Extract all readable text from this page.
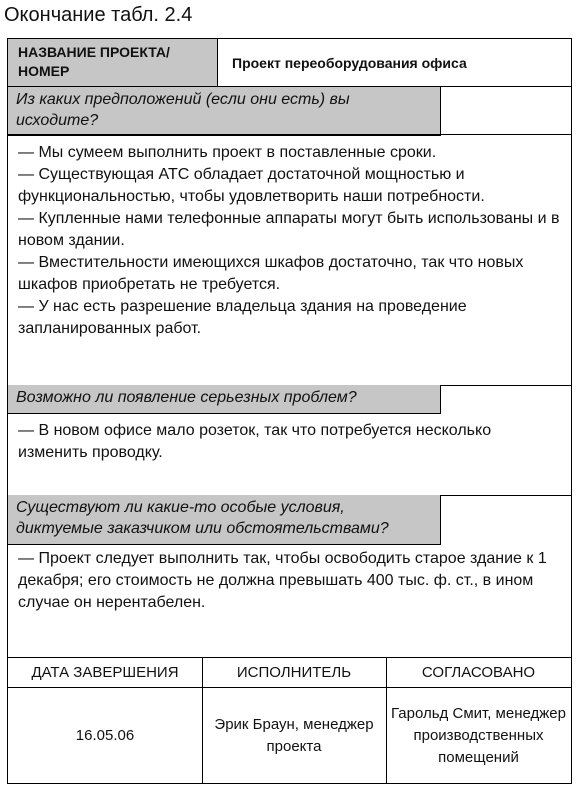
Окончание табл. 2.4
НАЗВАНИЕ ПРОЕКТА/ НОМЕР
Проект переоборудования офиса
Из каких предположений (если они есть) вы исходите?

— Мы сумеем выполнить проект в поставленные сроки.

— Существующая АТС обладает достаточной мощностью и функциональностью, чтобы удовлетворить наши потребности.

— Купленные нами телефонные аппараты могут быть использованы и в новом здании.

— Вместительности имеющихся шкафов достаточно, так что новых шкафов приобретать не требуется.

— У нас есть разрешение владельца здания на проведение запланированных работ.

Возможно ли появление серьезных проблем?

— В новом офисе мало розеток, так что потребуется несколько изменить проводку.

Существуют ли какие-то особые условия, диктуемые заказчиком или обстоятельствами?

— Проект следует выполнить так, чтобы освободить старое здание к 1 декабря; его стоимость не должна превышать 400 тыс. ф. ст., в ином случае он нерентабелен.

ДАТА ЗАВЕРШЕНИЯ	ИСПОЛНИТЕЛЬ	СОГЛАСОВАНО
16.05.06
Эрик Браун, менеджер проекта
Гарольд Смит, менеджер производственных помещений
